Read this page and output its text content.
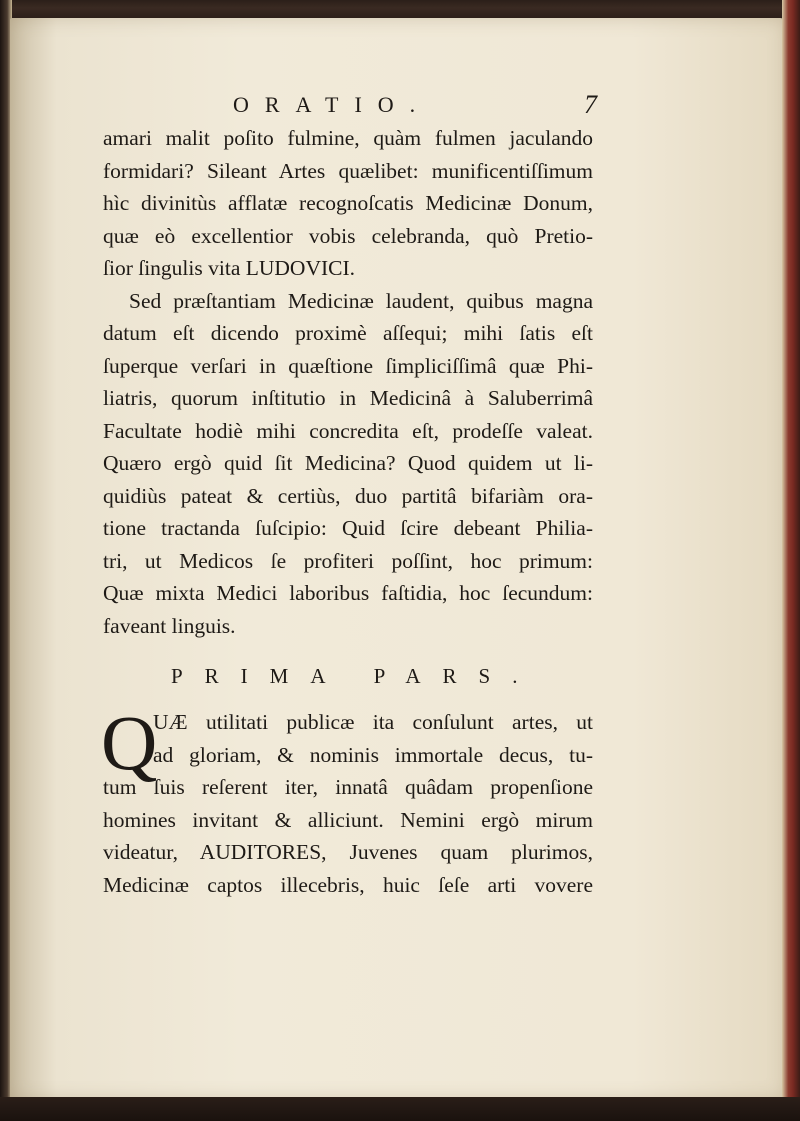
ORATIO.	7
amari malit poſito fulmine, quàm fulmen jaculando
formidari? Sileant Artes quælibet: munificentiſſimum
hìc divinitùs afflatæ recognoſcatis Medicinæ Donum,
quæ eò excellentior vobis celebranda, quò Pretio-
ſior ſingulis vita LUDOVICI.
Sed præſtantiam Medicinæ laudent, quibus magna
datum eſt dicendo proximè aſſequi; mihi ſatis eſt
ſuperque verſari in quæſtione ſimpliciſſimâ quæ Phi-
liatris, quorum inſtitutio in Medicinâ à Saluberrimâ
Facultate hodiè mihi concredita eſt, prodeſſe valeat.
Quæro ergò quid ſit Medicina? Quod quidem ut li-
quidiùs pateat & certiùs, duo partitâ bifariàm ora-
tione tractanda ſuſcipio: Quid ſcire debeant Philia-
tri, ut Medicos ſe profiteri poſſint, hoc primum:
Quæ mixta Medici laboribus faſtidia, hoc ſecundum:
faveant linguis.
PRIMA PARS.
Q
UÆ utilitati publicæ ita conſulunt artes, ut
ad gloriam, & nominis immortale decus, tu-
tum ſuis reſerent iter, innatâ quâdam propenſione
homines invitant & alliciunt. Nemini ergò mirum
videatur, AUDITORES, Juvenes quam plurimos,
Medicinæ captos illecebris, huic ſeſe arti vovere
